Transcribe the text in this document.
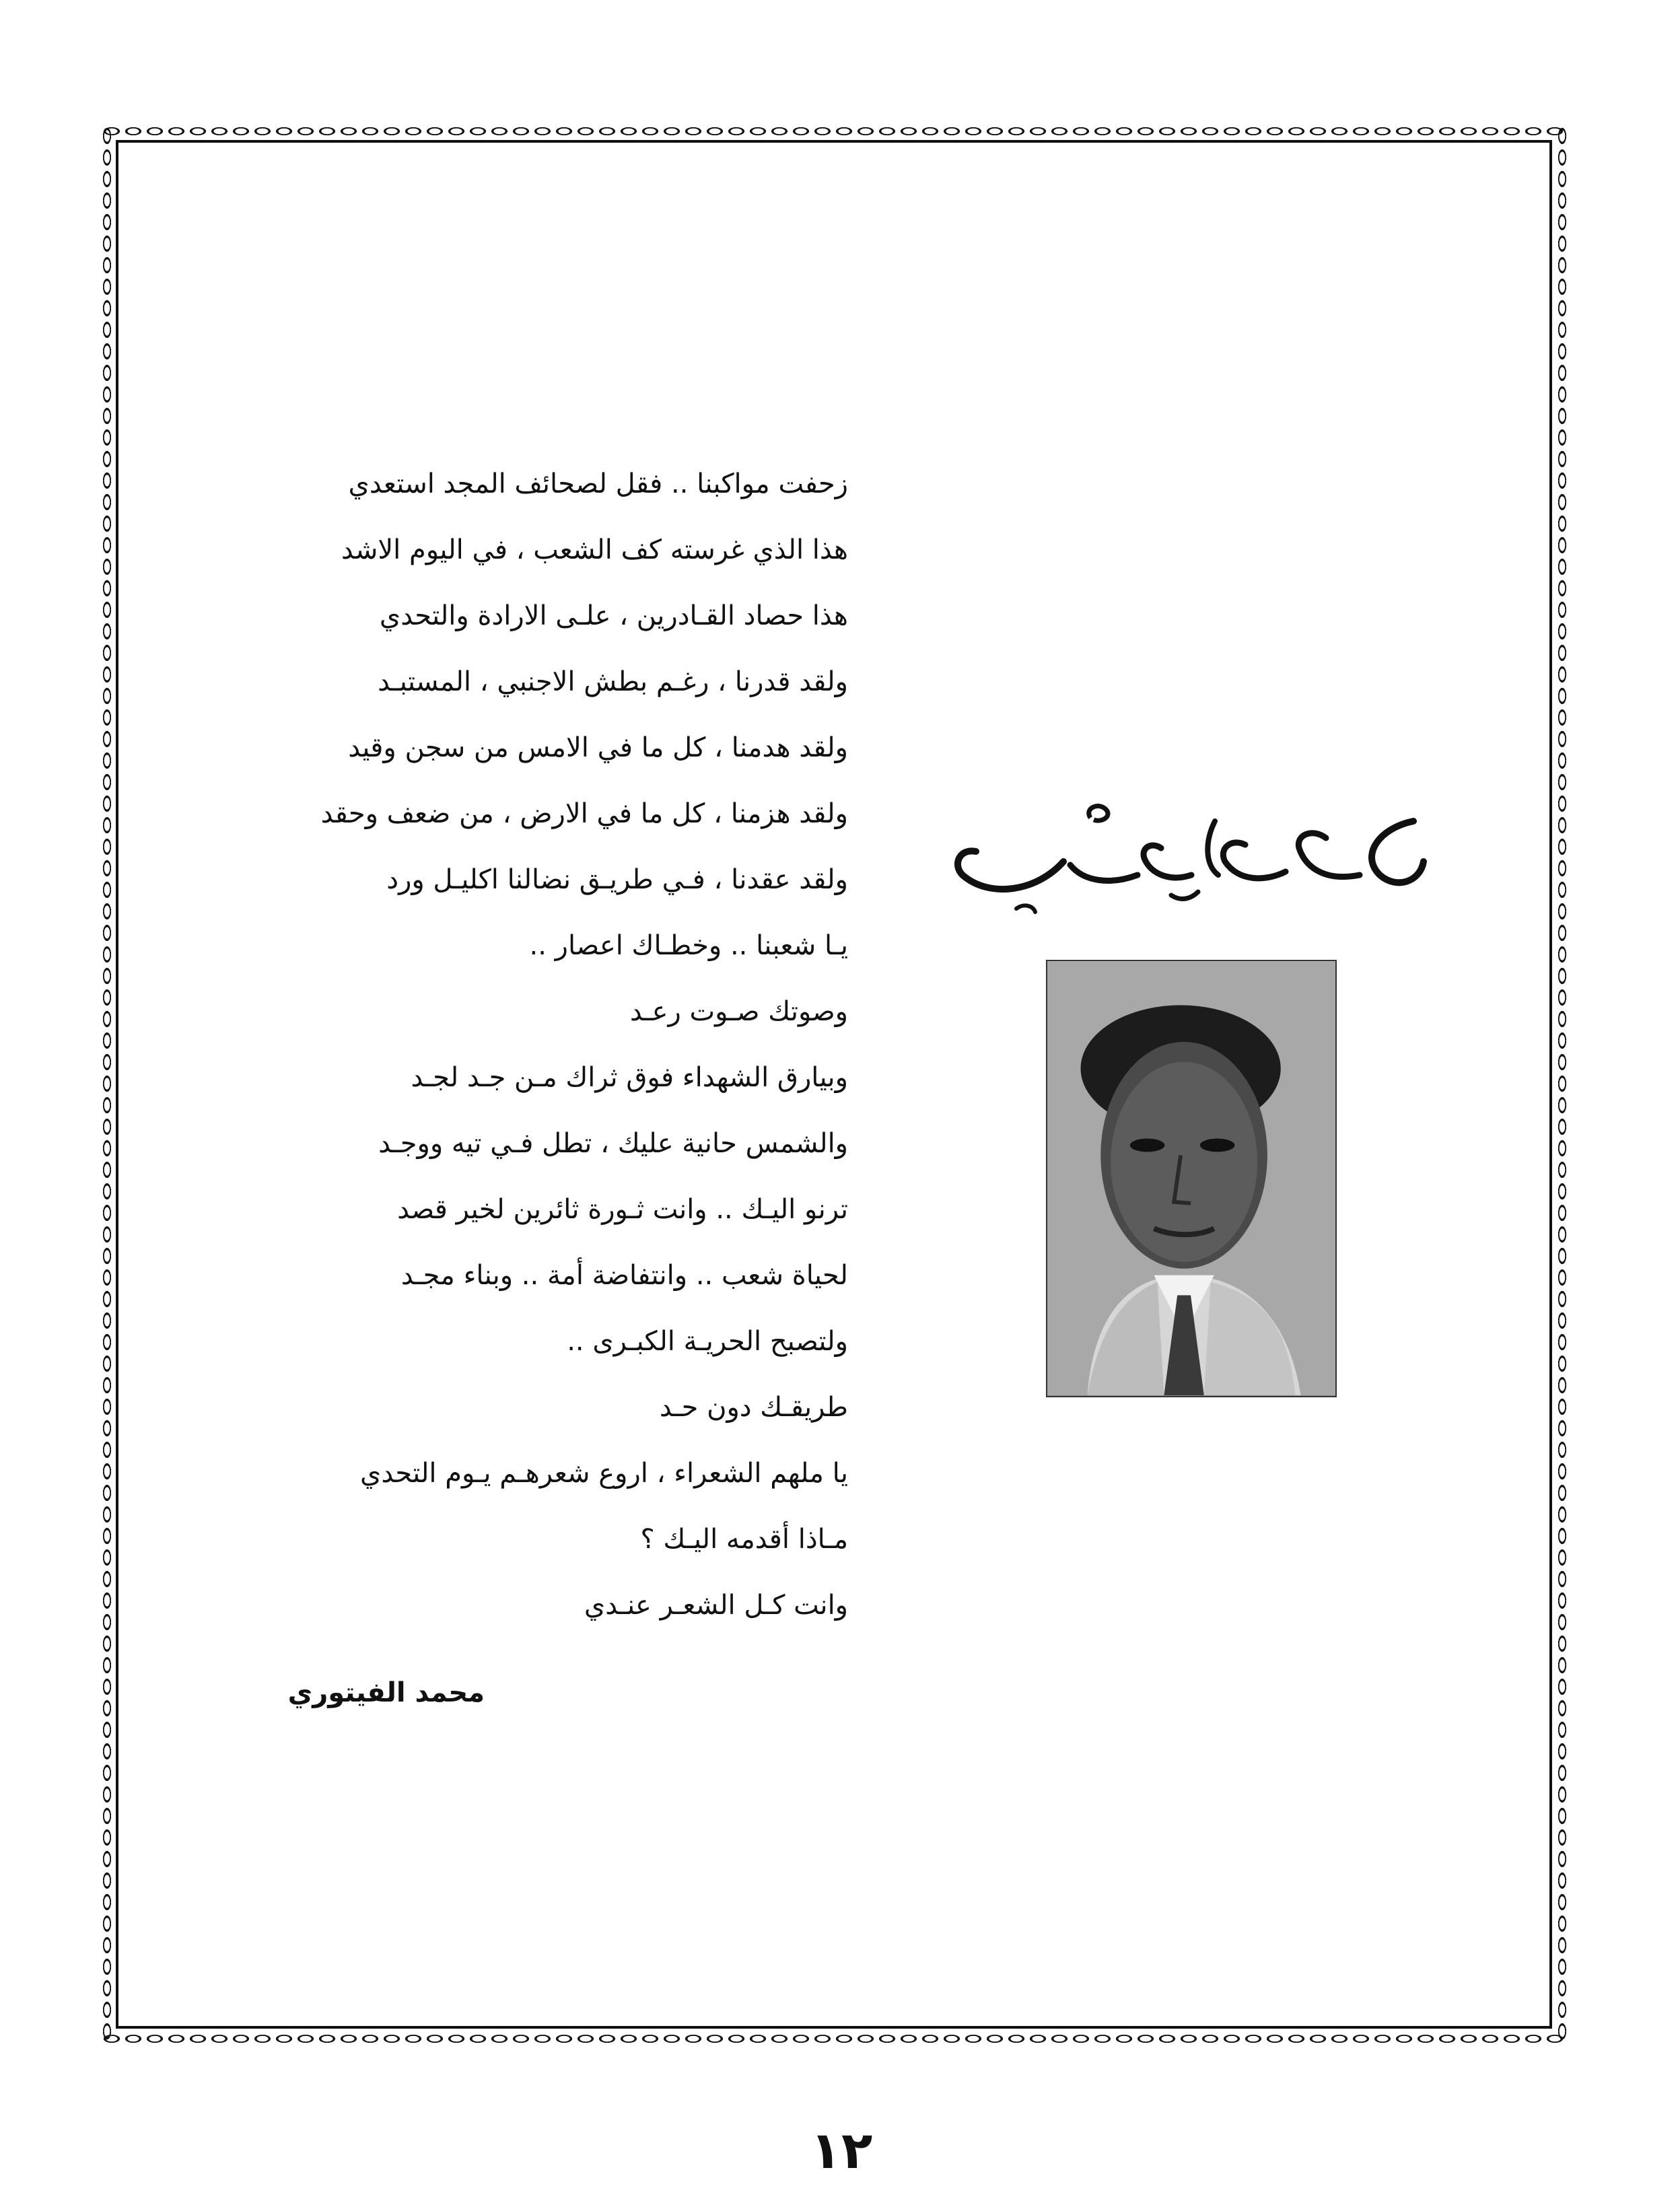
زحفت مواكبنا .. فقل لصحائف المجد استعدي
هذا الذي غرسته كف الشعب ، في اليوم الاشد
هذا حصاد القـادرين ، علـى الارادة والتحدي
ولقد قدرنا ، رغـم بطش الاجنبي ، المستبـد
ولقد هدمنا ، كل ما في الامس من سجن وقيد
ولقد هزمنا ، كل ما في الارض ، من ضعف وحقد
ولقد عقدنا ، فـي طريـق نضالنا اكليـل ورد
يـا شعبنا .. وخطـاك اعصار ..
وصوتك صـوت رعـد
وبيارق الشهداء فوق ثراك مـن جـد لجـد
والشمس حانية عليك ، تطل فـي تيه ووجـد
ترنو اليـك .. وانت ثـورة ثائرين لخير قصد
لحياة شعب .. وانتفاضة أمة .. وبناء مجـد
ولتصبح الحريـة الكبـرى ..
طريقـك دون حـد
يا ملهم الشعراء ، اروع شعرهـم يـوم التحدي
مـاذا أقدمه اليـك ؟
وانت كـل الشعـر عنـدي
محمد الفيتوري
١٢
